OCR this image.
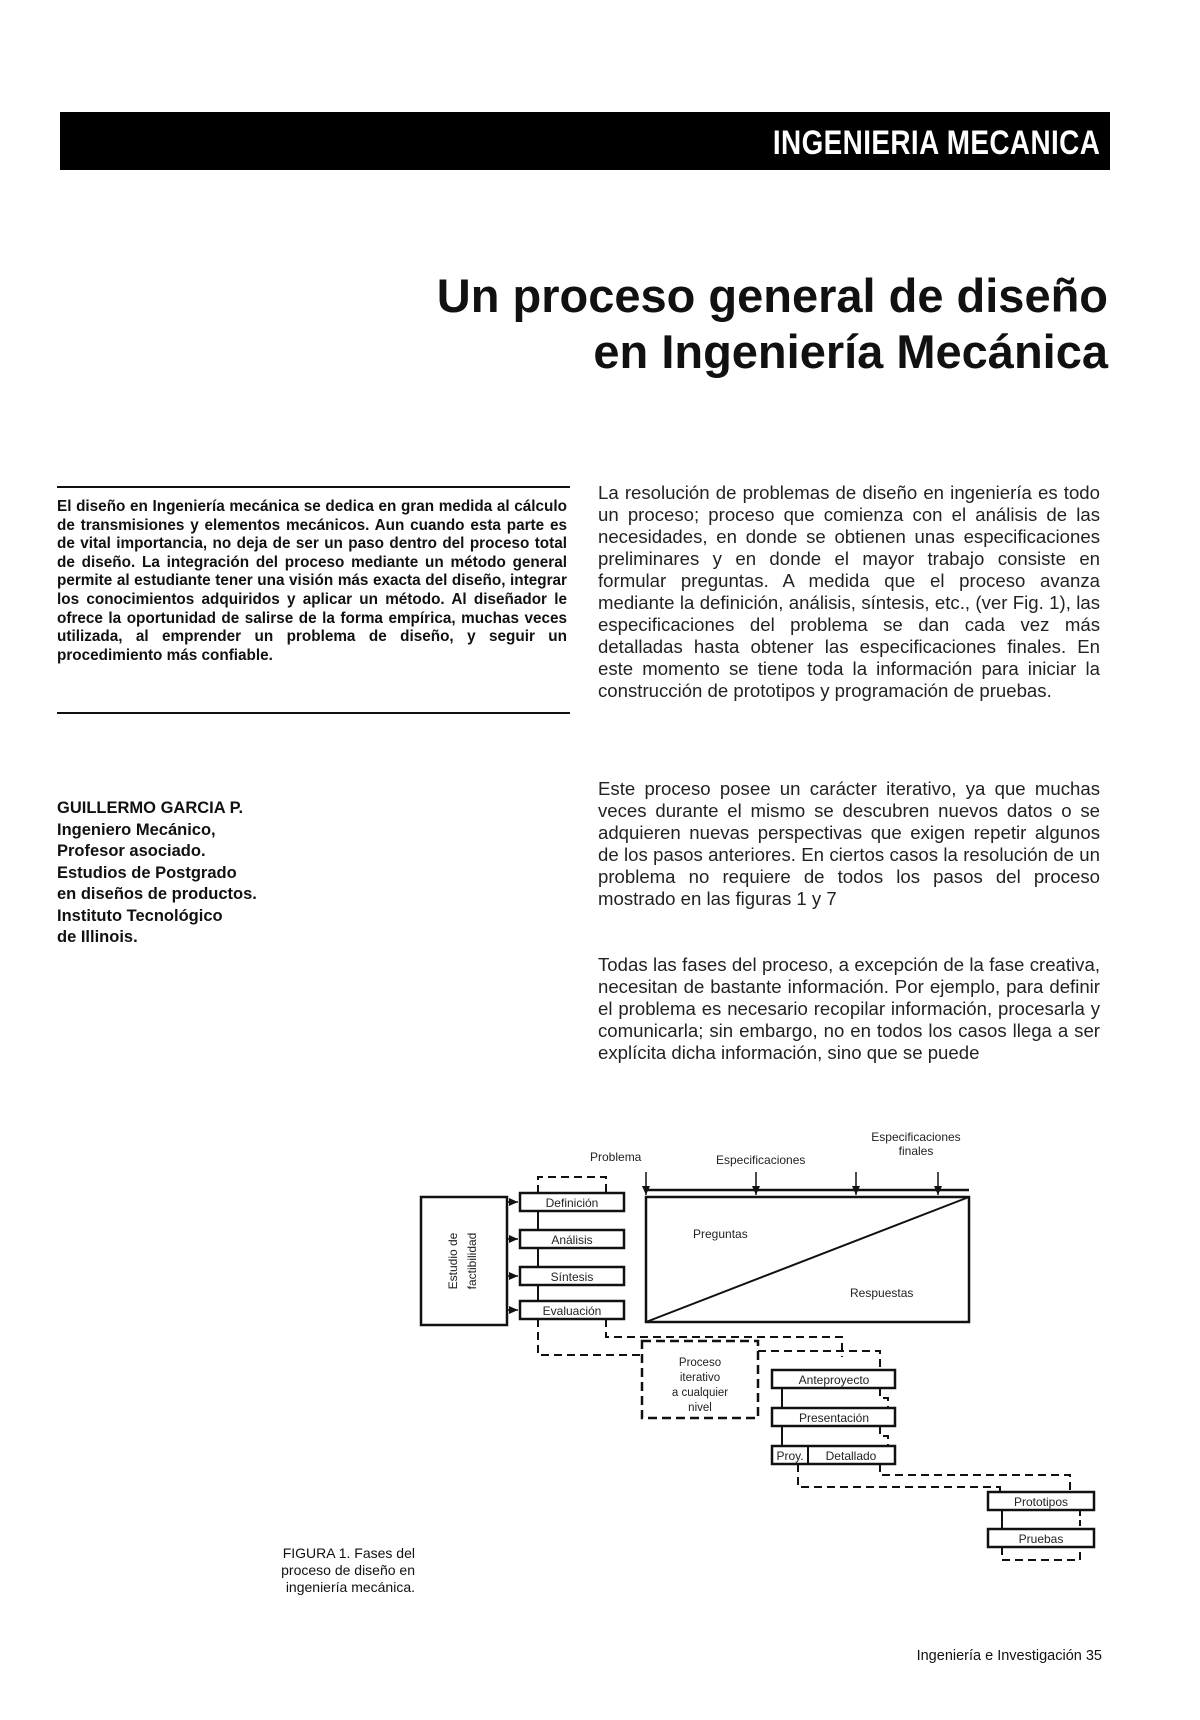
INGENIERIA MECANICA
Un proceso general de diseño
en Ingeniería Mecánica
El diseño en Ingeniería mecánica se dedica en gran medida al cálculo de transmisiones y elementos mecánicos. Aun cuando esta parte es de vital importancia, no deja de ser un paso dentro del proceso total de diseño. La integración del proceso mediante un método general permite al estudiante tener una visión más exacta del diseño, integrar los conocimientos adquiridos y aplicar un método. Al diseñador le ofrece la oportunidad de salirse de la forma empírica, muchas veces utilizada, al emprender un problema de diseño, y seguir un procedimiento más confiable.
GUILLERMO GARCIA P.
Ingeniero Mecánico,
Profesor asociado.
Estudios de Postgrado
en diseños de productos.
Instituto Tecnológico
de Illinois.
La resolución de problemas de diseño en ingeniería es todo un proceso; proceso que comienza con el análisis de las necesidades, en donde se obtienen unas especificaciones preliminares y en donde el mayor trabajo consiste en formular preguntas. A medida que el proceso avanza mediante la definición, análisis, síntesis, etc., (ver Fig. 1), las especificaciones del problema se dan cada vez más detalladas hasta obtener las especificaciones finales. En este momento se tiene toda la información para iniciar la construcción de prototipos y programación de pruebas.
Este proceso posee un carácter iterativo, ya que muchas veces durante el mismo se descubren nuevos datos o se adquieren nuevas perspectivas que exigen repetir algunos de los pasos anteriores. En ciertos casos la resolución de un problema no requiere de todos los pasos del proceso mostrado en las figuras 1 y 7
Todas las fases del proceso, a excepción de la fase creativa, necesitan de bastante información. Por ejemplo, para definir el problema es necesario recopilar información, procesarla y comunicarla; sin embargo, no en todos los casos llega a ser explícita dicha información, sino que se puede
Problema	Especificaciones
Especificaciones
finales
Estudio de factibilidad
Definición
Análisis
Síntesis
Evaluación
Preguntas
Respuestas
Proceso
iterativo
a cualquier
nivel
Anteproyecto
Presentación
Proy. Detallado
Prototipos
Pruebas
FIGURA 1. Fases del proceso de diseño en ingeniería mecánica.
Ingeniería e Investigación 35
